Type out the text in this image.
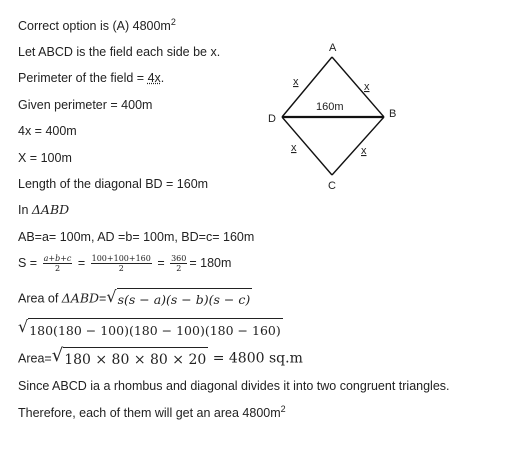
Correct option is (A) $4800m^2$
Let ABCD is the field each side be x.
Perimeter of the field = 4x.
Given perimeter = 400m
4x = 400m
X = 100m
Length of the diagonal BD = 160m
In ΔABD
AB=a= 100m, AD =b= 100m, BD=c= 160m
$S = \frac{a+b+c}{2} = \frac{100+100+160}{2} = \frac{360}{2} = 180m$
Area of ΔABD= √ s(s − a)(s − b)(s − c)
√ 180(180 − 100)(180 − 100)(180 − 160)
Area= √ 180 × 80 × 80 × 20 = 4800 sq.m
Since ABCD ia a rhombus and diagonal divides it into two congruent triangles.
Therefore, each of them will get an area $4800m^2$
A
B
C
D
160m
x	x
x	x
